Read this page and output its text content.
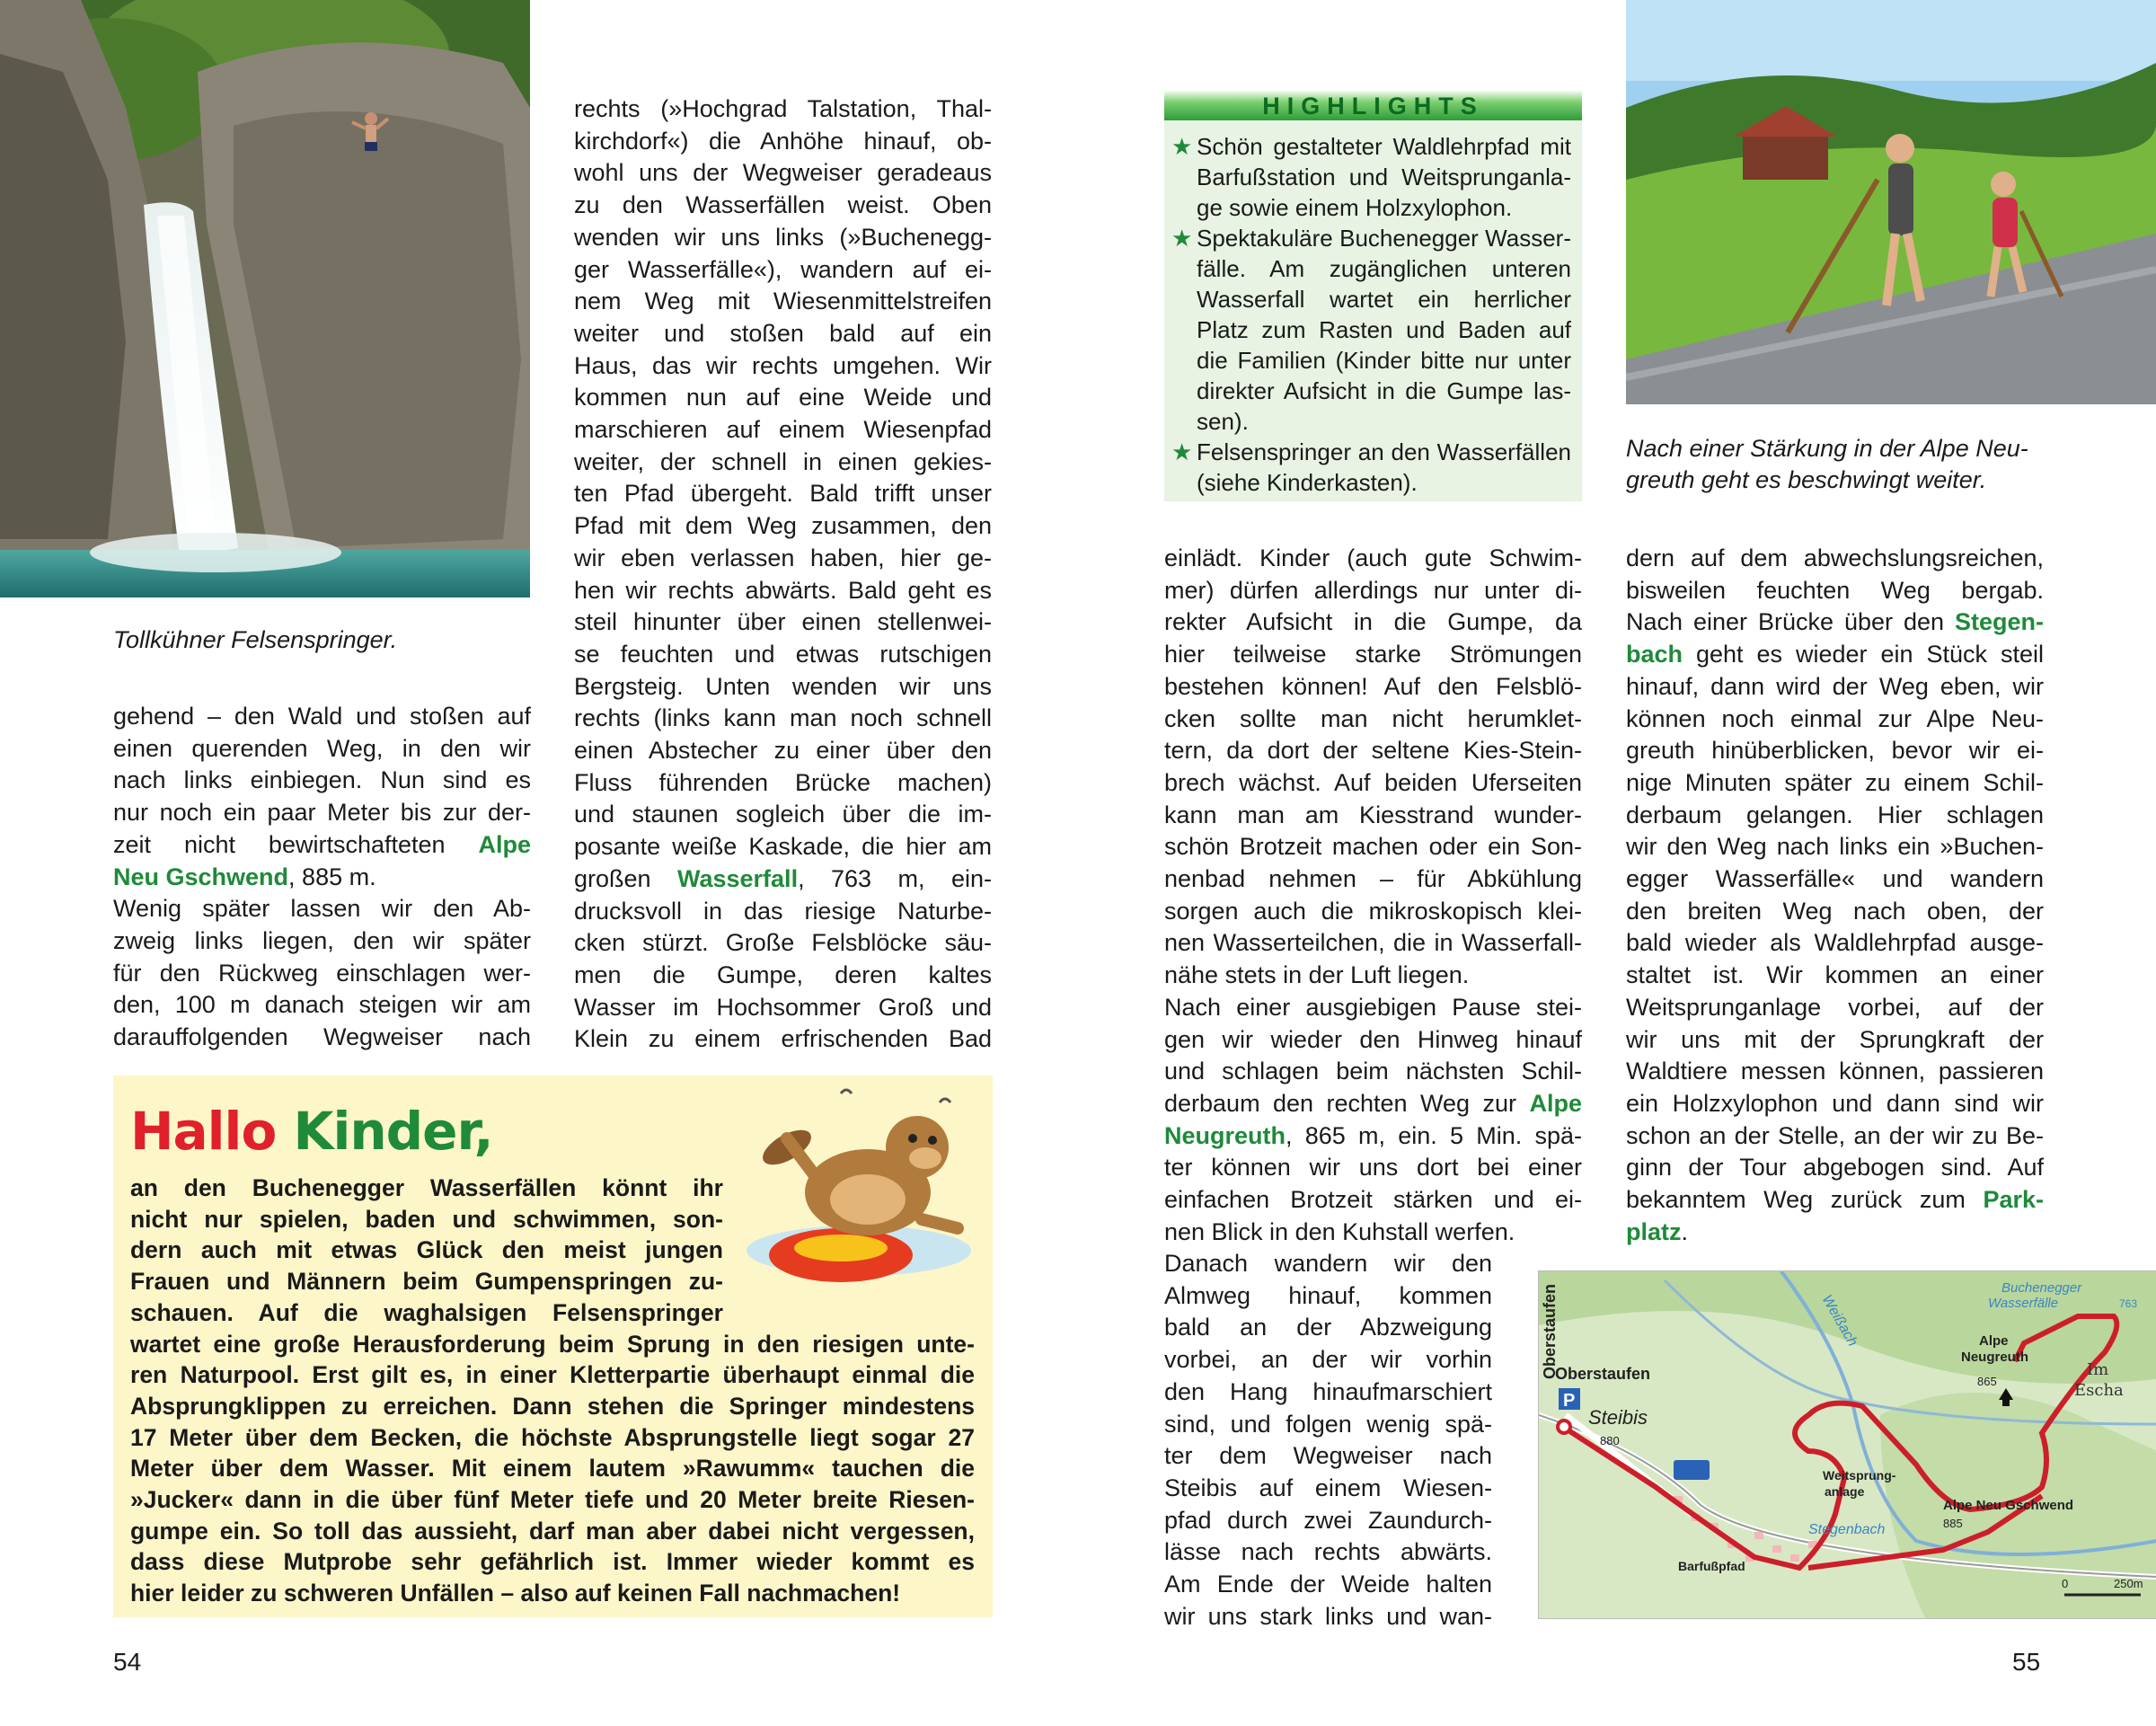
Tollkühner Felsenspringer.
gehend – den Wald und stoßen auf
einen querenden Weg, in den wir
nach links einbiegen. Nun sind es
nur noch ein paar Meter bis zur der-
zeit nicht bewirtschafteten Alpe
Neu Gschwend, 885 m.
Wenig später lassen wir den Ab-
zweig links liegen, den wir später
für den Rückweg einschlagen wer-
den, 100 m danach steigen wir am
darauffolgenden Wegweiser nach
rechts (»Hochgrad Talstation, Thal-
kirchdorf«) die Anhöhe hinauf, ob-
wohl uns der Wegweiser geradeaus
zu den Wasserfällen weist. Oben
wenden wir uns links (»Buchenegg-
ger Wasserfälle«), wandern auf ei-
nem Weg mit Wiesenmittelstreifen
weiter und stoßen bald auf ein
Haus, das wir rechts umgehen. Wir
kommen nun auf eine Weide und
marschieren auf einem Wiesenpfad
weiter, der schnell in einen gekies-
ten Pfad übergeht. Bald trifft unser
Pfad mit dem Weg zusammen, den
wir eben verlassen haben, hier ge-
hen wir rechts abwärts. Bald geht es
steil hinunter über einen stellenwei-
se feuchten und etwas rutschigen
Bergsteig. Unten wenden wir uns
rechts (links kann man noch schnell
einen Abstecher zu einer über den
Fluss führenden Brücke machen)
und staunen sogleich über die im-
posante weiße Kaskade, die hier am
großen Wasserfall, 763 m, ein-
drucksvoll in das riesige Naturbe-
cken stürzt. Große Felsblöcke säu-
men die Gumpe, deren kaltes
Wasser im Hochsommer Groß und
Klein zu einem erfrischenden Bad
Hallo Kinder,
an den Buchenegger Wasserfällen könnt ihr
nicht nur spielen, baden und schwimmen, son-
dern auch mit etwas Glück den meist jungen
Frauen und Männern beim Gumpenspringen zu-
schauen. Auf die waghalsigen Felsenspringer
wartet eine große Herausforderung beim Sprung in den riesigen unte-
ren Naturpool. Erst gilt es, in einer Kletterpartie überhaupt einmal die
Absprungklippen zu erreichen. Dann stehen die Springer mindestens
17 Meter über dem Becken, die höchste Absprungstelle liegt sogar 27
Meter über dem Wasser. Mit einem lautem »Rawumm« tauchen die
»Jucker« dann in die über fünf Meter tiefe und 20 Meter breite Riesen-
gumpe ein. So toll das aussieht, darf man aber dabei nicht vergessen,
dass diese Mutprobe sehr gefährlich ist. Immer wieder kommt es
hier leider zu schweren Unfällen – also auf keinen Fall nachmachen!
54
HIGHLIGHTS
★ Schön gestalteter Waldlehrpfad mit
Barfußstation und Weitsprunganla-
ge sowie einem Holzxylophon.
★ Spektakuläre Buchenegger Wasser-
fälle. Am zugänglichen unteren
Wasserfall wartet ein herrlicher
Platz zum Rasten und Baden auf
die Familien (Kinder bitte nur unter
direkter Aufsicht in die Gumpe las-
sen).
★ Felsenspringer an den Wasserfällen
(siehe Kinderkasten).
Nach einer Stärkung in der Alpe Neu-
greuth geht es beschwingt weiter.
einlädt. Kinder (auch gute Schwim-
mer) dürfen allerdings nur unter di-
rekter Aufsicht in die Gumpe, da
hier teilweise starke Strömungen
bestehen können! Auf den Felsblö-
cken sollte man nicht herumklet-
tern, da dort der seltene Kies-Stein-
brech wächst. Auf beiden Uferseiten
kann man am Kiesstrand wunder-
schön Brotzeit machen oder ein Son-
nenbad nehmen – für Abkühlung
sorgen auch die mikroskopisch klei-
nen Wasserteilchen, die in Wasserfall-
nähe stets in der Luft liegen.
Nach einer ausgiebigen Pause stei-
gen wir wieder den Hinweg hinauf
und schlagen beim nächsten Schil-
derbaum den rechten Weg zur Alpe
Neugreuth, 865 m, ein. 5 Min. spä-
ter können wir uns dort bei einer
einfachen Brotzeit stärken und ei-
nen Blick in den Kuhstall werfen.
Danach wandern wir den
Almweg hinauf, kommen
bald an der Abzweigung
vorbei, an der wir vorhin
den Hang hinaufmarschiert
sind, und folgen wenig spä-
ter dem Wegweiser nach
Steibis auf einem Wiesen-
pfad durch zwei Zaundurch-
lässe nach rechts abwärts.
Am Ende der Weide halten
wir uns stark links und wan-
dern auf dem abwechslungsreichen,
bisweilen feuchten Weg bergab.
Nach einer Brücke über den Stegen-
bach geht es wieder ein Stück steil
hinauf, dann wird der Weg eben, wir
können noch einmal zur Alpe Neu-
greuth hinüberblicken, bevor wir ei-
nige Minuten später zu einem Schil-
derbaum gelangen. Hier schlagen
wir den Weg nach links ein »Buchen-
egger Wasserfälle« und wandern
den breiten Weg nach oben, der
bald wieder als Waldlehrpfad ausge-
staltet ist. Wir kommen an einer
Weitsprunganlage vorbei, auf der
wir uns mit der Sprungkraft der
Waldtiere messen können, passieren
ein Holzxylophon und dann sind wir
schon an der Stelle, an der wir zu Be-
ginn der Tour abgebogen sind. Auf
bekanntem Weg zurück zum Park-
platz.
P
Oberstaufen
Oberstaufen
Steibis
880
Weißach
Buchenegger
Wasserfälle	763
Alpe
Neugreuth
865
Im
Escha
Weitsprung-
anlage
Alpe Neu Gschwend
885
Stegenbach
Barfußpfad
0	250m
55
